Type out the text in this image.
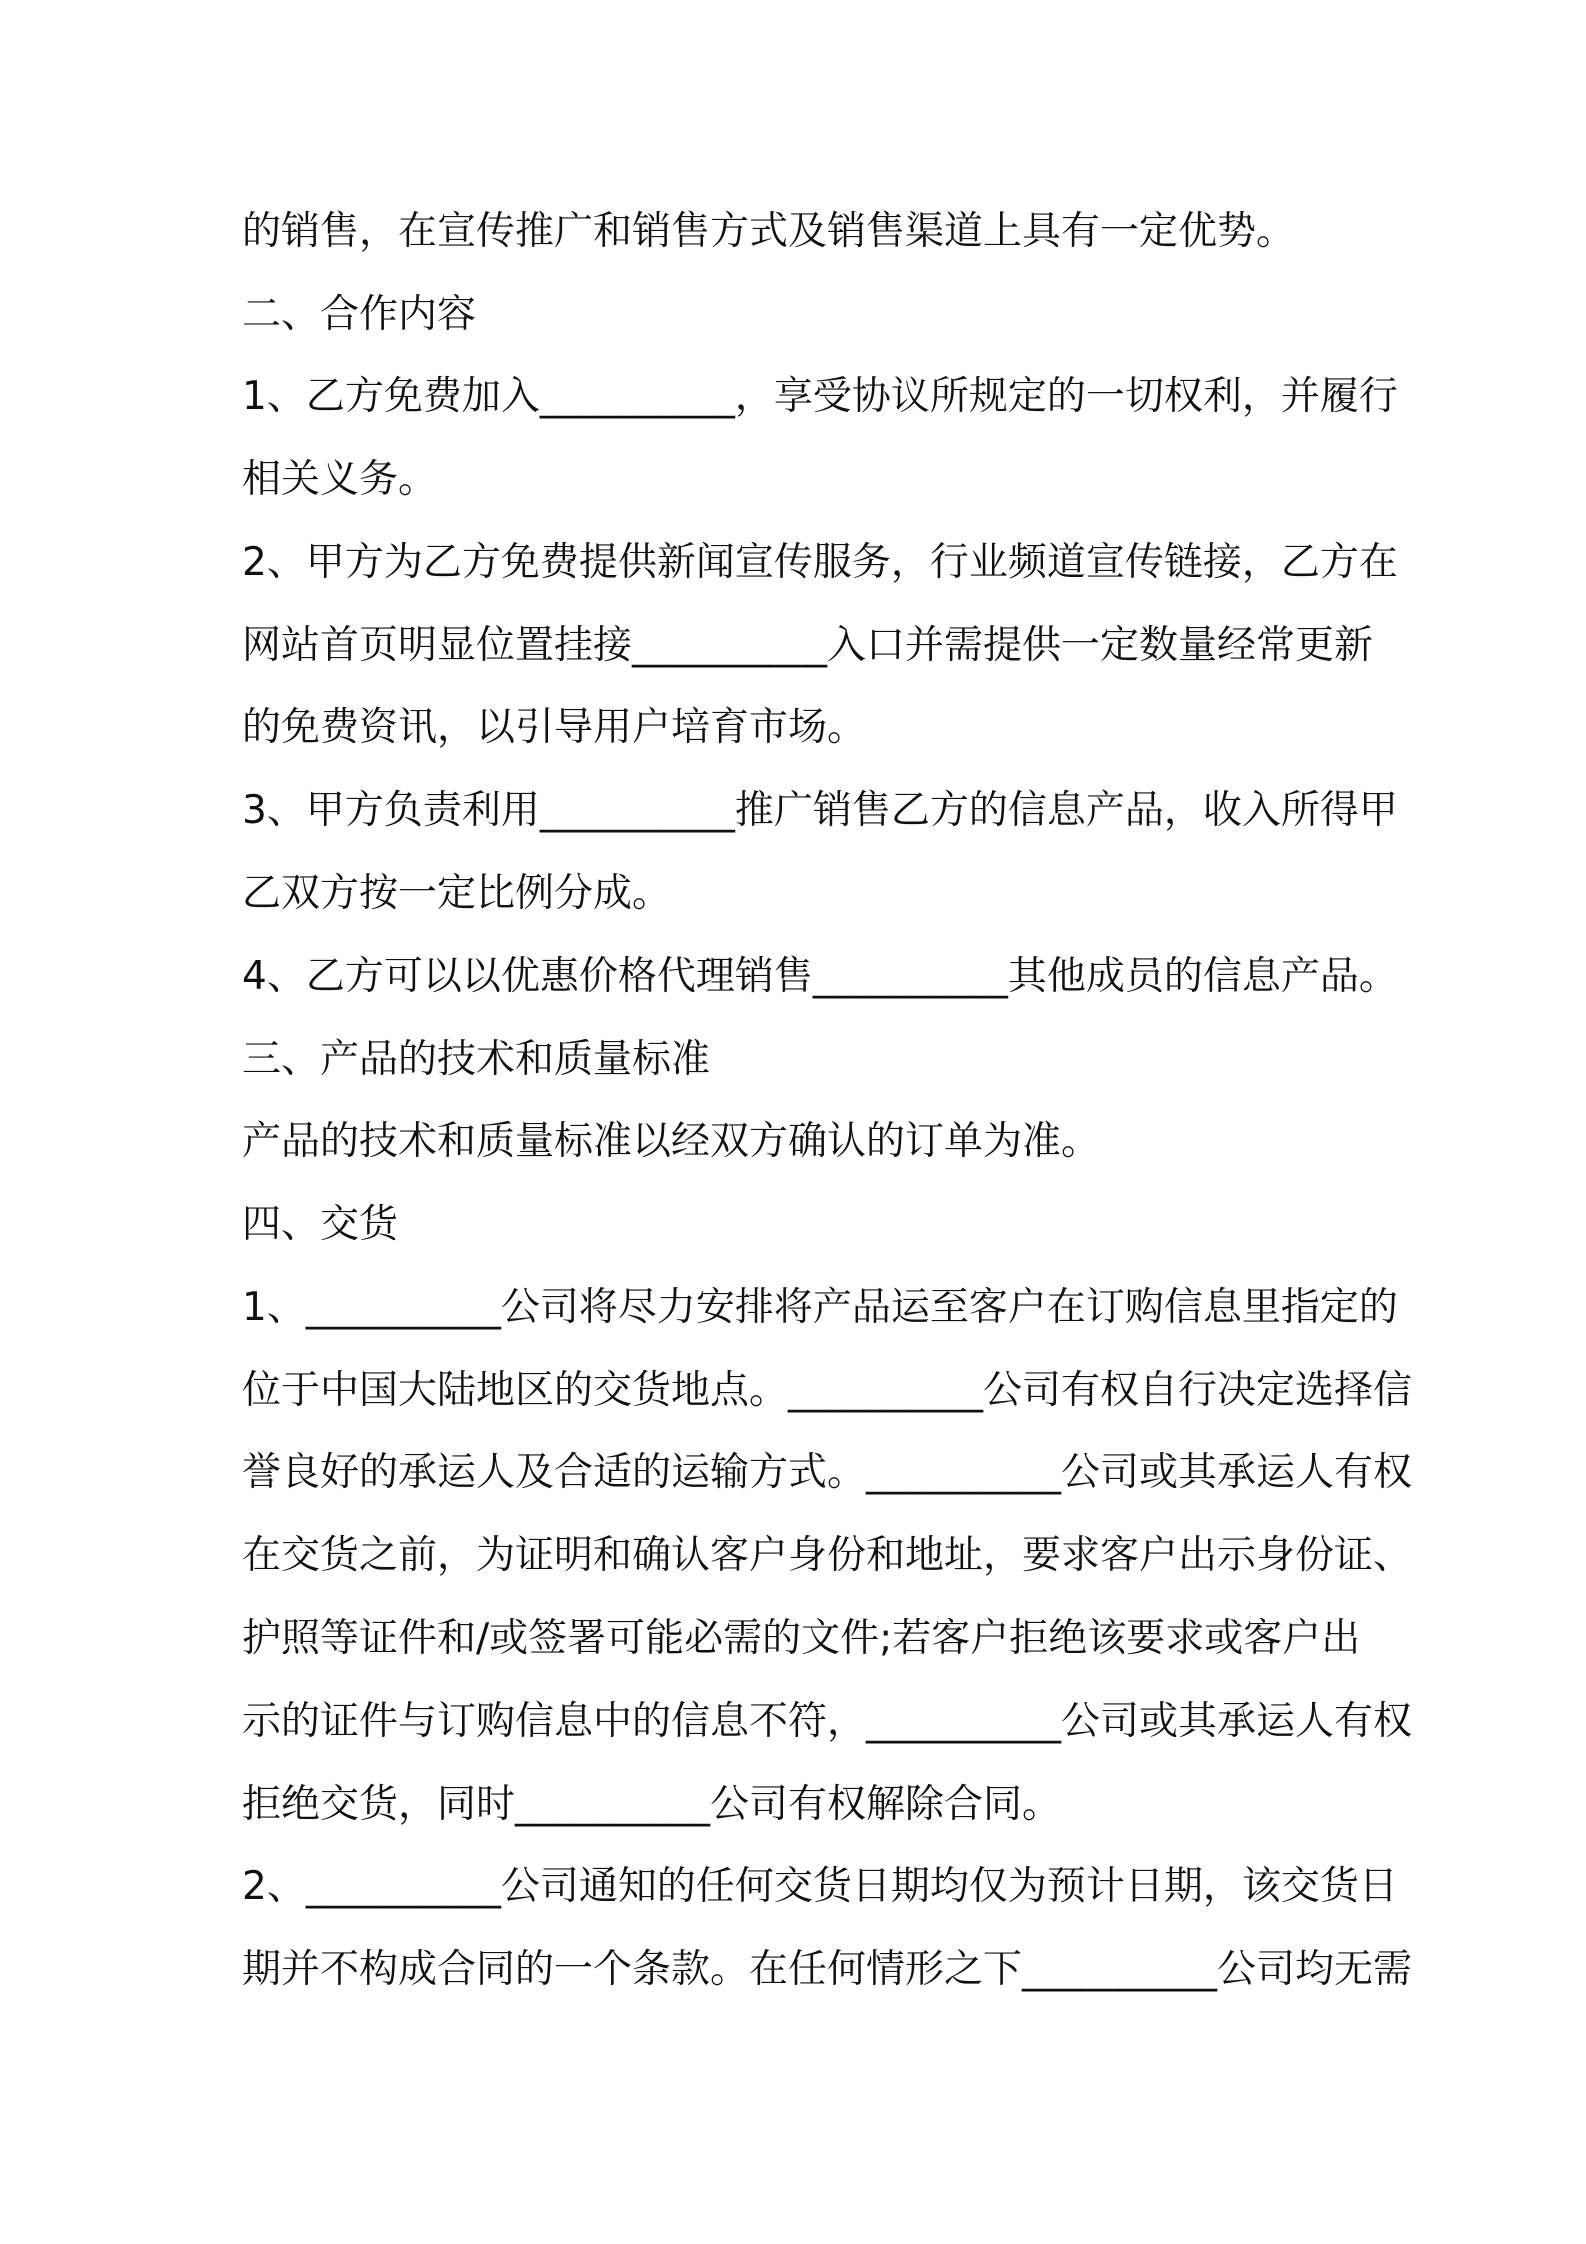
的销售，在宣传推广和销售方式及销售渠道上具有一定优势。
二、合作内容
1、乙方免费加入__________，享受协议所规定的一切权利，并履行
相关义务。
2、甲方为乙方免费提供新闻宣传服务，行业频道宣传链接，乙方在
网站首页明显位置挂接__________入口并需提供一定数量经常更新
的免费资讯，以引导用户培育市场。
3、甲方负责利用__________推广销售乙方的信息产品，收入所得甲
乙双方按一定比例分成。
4、乙方可以以优惠价格代理销售__________其他成员的信息产品。
三、产品的技术和质量标准
产品的技术和质量标准以经双方确认的订单为准。
四、交货
1、__________公司将尽力安排将产品运至客户在订购信息里指定的
位于中国大陆地区的交货地点。__________公司有权自行决定选择信
誉良好的承运人及合适的运输方式。__________公司或其承运人有权
在交货之前，为证明和确认客户身份和地址，要求客户出示身份证、
护照等证件和/或签署可能必需的文件;若客户拒绝该要求或客户出
示的证件与订购信息中的信息不符，__________公司或其承运人有权
拒绝交货，同时__________公司有权解除合同。
2、__________公司通知的任何交货日期均仅为预计日期，该交货日
期并不构成合同的一个条款。在任何情形之下__________公司均无需
